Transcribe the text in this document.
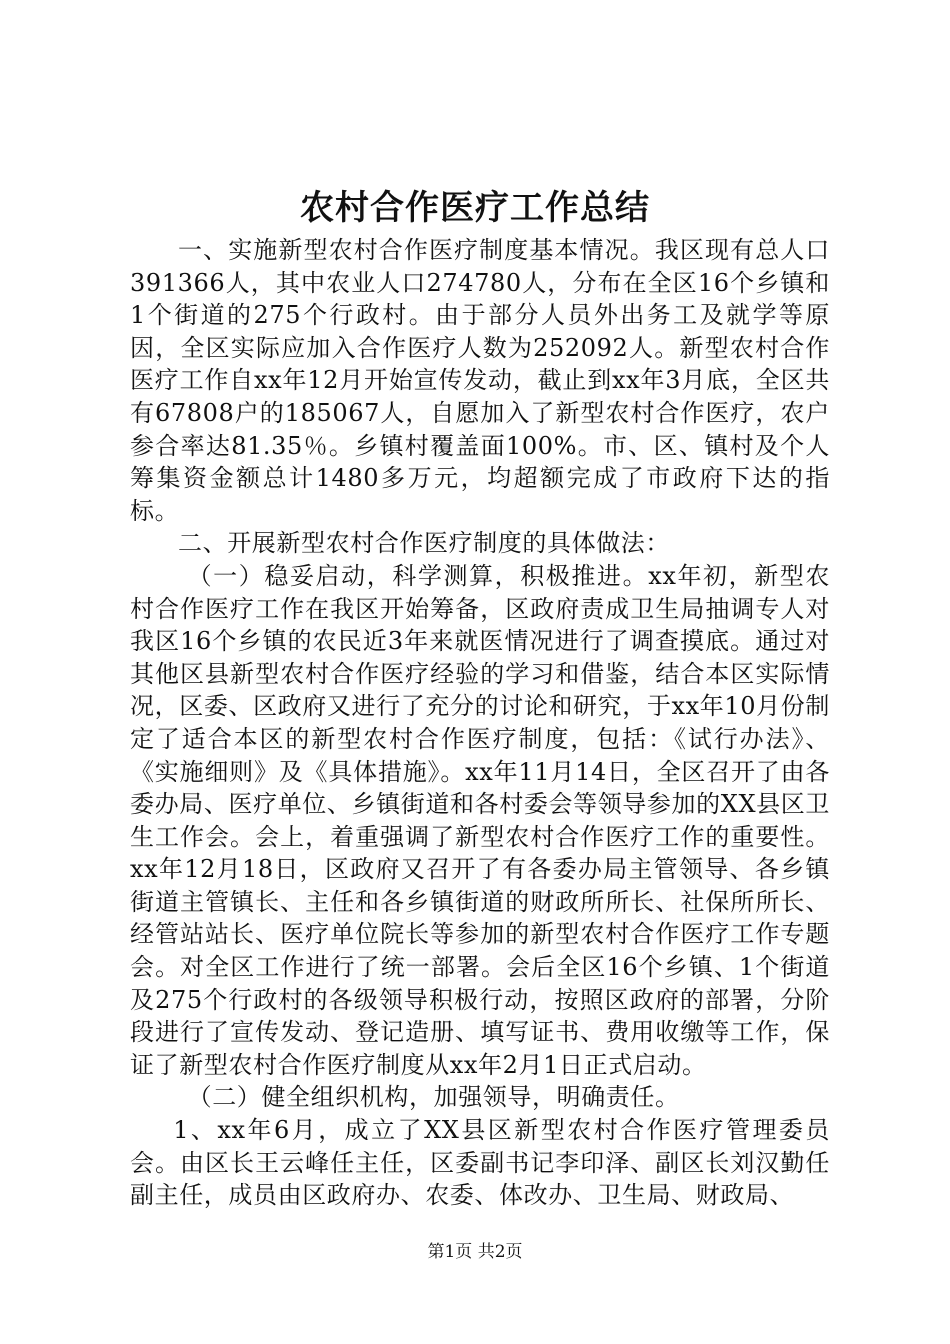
农村合作医疗工作总结

一、实施新型农村合作医疗制度基本情况。我区现有总人口391366人，其中农业人口274780人，分布在全区16个乡镇和1个街道的275个行政村。由于部分人员外出务工及就学等原因，全区实际应加入合作医疗人数为252092人。新型农村合作医疗工作自xx年12月开始宣传发动，截止到xx年3月底，全区共有67808户的185067人，自愿加入了新型农村合作医疗，农户参合率达81.35％。乡镇村覆盖面100%。市、区、镇村及个人筹集资金额总计1480多万元，均超额完成了市政府下达的指标。

二、开展新型农村合作医疗制度的具体做法：

（一）稳妥启动，科学测算，积极推进。xx年初，新型农村合作医疗工作在我区开始筹备，区政府责成卫生局抽调专人对我区16个乡镇的农民近3年来就医情况进行了调查摸底。通过对其他区县新型农村合作医疗经验的学习和借鉴，结合本区实际情况，区委、区政府又进行了充分的讨论和研究，于xx年10月份制定了适合本区的新型农村合作医疗制度，包括：《试行办法》、《实施细则》及《具体措施》。xx年11月14日，全区召开了由各委办局、医疗单位、乡镇街道和各村委会等领导参加的XX县区卫生工作会。会上，着重强调了新型农村合作医疗工作的重要性。xx年12月18日，区政府又召开了有各委办局主管领导、各乡镇街道主管镇长、主任和各乡镇街道的财政所所长、社保所所长、经管站站长、医疗单位院长等参加的新型农村合作医疗工作专题会。对全区工作进行了统一部署。会后全区16个乡镇、1个街道及275个行政村的各级领导积极行动，按照区政府的部署，分阶段进行了宣传发动、登记造册、填写证书、费用收缴等工作，保证了新型农村合作医疗制度从xx年2月1日正式启动。

（二）健全组织机构，加强领导，明确责任。

1、xx年6月，成立了XX县区新型农村合作医疗管理委员会。由区长王云峰任主任，区委副书记李印泽、副区长刘汉勤任副主任，成员由区政府办、农委、体改办、卫生局、财政局、

第1页 共2页
